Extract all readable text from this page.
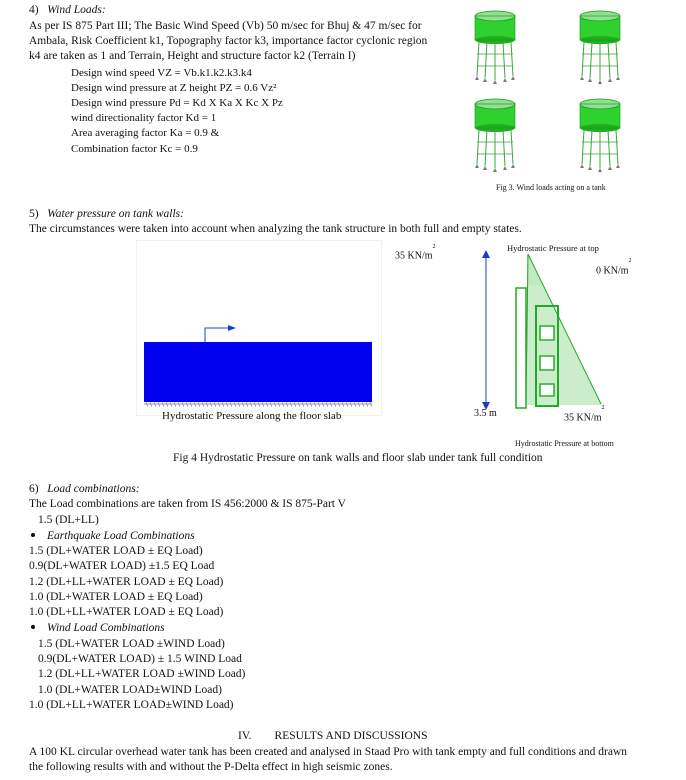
4) Wind Loads:
As per IS 875 Part III; The Basic Wind Speed (Vb) 50 m/sec for Bhuj & 47 m/sec for
Ambala, Risk Coefficient k1, Topography factor k3, importance factor cyclonic region
k4 are taken as 1 and Terrain, Height and structure factor k2 (Terrain I)
Design wind speed VZ = Vb.k1.k2.k3.k4
Design wind pressure at Z height PZ = 0.6 Vz²
Design wind pressure Pd = Kd X Ka X Kc X Pz
wind directionality factor Kd = 1
Area averaging factor Ka = 0.9 &
Combination factor Kc = 0.9
Fig 3. Wind loads acting on a tank
5) Water pressure on tank walls:
The circumstances were taken into account when analyzing the tank structure in both full and empty states.
35 $KN/m^2$
Hydrostatic Pressure along the floor slab
Hydrostatic Pressure at top
0 $KN/m^2$
3.5 m	35 $KN/m^2$
Hydrostatic Pressure at bottom
Fig 4 Hydrostatic Pressure on tank walls and floor slab under tank full condition
6) Load combinations:
The Load combinations are taken from IS 456:2000 & IS 875-Part V
1.5 (DL+LL)
Earthquake Load Combinations
1.5 (DL+WATER LOAD ± EQ Load)
0.9(DL+WATER LOAD) ±1.5 EQ Load
1.2 (DL+LL+WATER LOAD ± EQ Load)
1.0 (DL+WATER LOAD ± EQ Load)
1.0 (DL+LL+WATER LOAD ± EQ Load)
Wind Load Combinations
1.5 (DL+WATER LOAD ±WIND Load)
0.9(DL+WATER LOAD) ± 1.5 WIND Load
1.2 (DL+LL+WATER LOAD ±WIND Load)
1.0 (DL+WATER LOAD±WIND Load)
1.0 (DL+LL+WATER LOAD±WIND Load)
IV. RESULTS AND DISCUSSIONS
A 100 KL circular overhead water tank has been created and analysed in Staad Pro with tank empty and full conditions and drawn
the following results with and without the P-Delta effect in high seismic zones.
